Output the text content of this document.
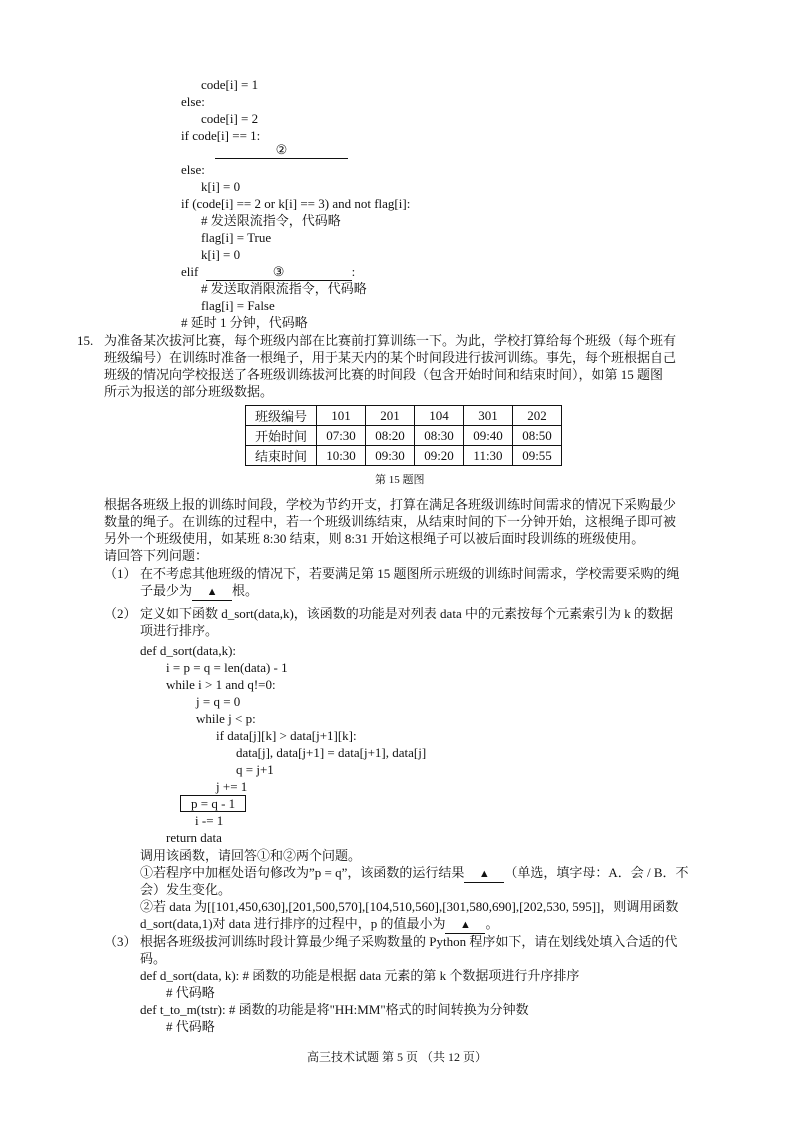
code[i] = 1
else:
code[i] = 2
if code[i] == 1:
②
else:
k[i] = 0
if (code[i] == 2 or k[i] == 3) and not flag[i]:
# 发送限流指令，代码略
flag[i] = True
k[i] = 0
elif	③	:
# 发送取消限流指令，代码略
flag[i] = False
# 延时 1 分钟，代码略
15. 为准备某次拔河比赛，每个班级内部在比赛前打算训练一下。为此，学校打算给每个班级（每个班有
班级编号）在训练时准备一根绳子，用于某天内的某个时间段进行拔河训练。事先，每个班根据自己
班级的情况向学校报送了各班级训练拔河比赛的时间段（包含开始时间和结束时间），如第 15 题图
所示为报送的部分班级数据。
班级编号	101	201	104	301	202
开始时间	07:30	08:20	08:30	09:40	08:50
结束时间	10:30	09:30	09:20	11:30	09:55
第 15 题图
根据各班级上报的训练时间段，学校为节约开支，打算在满足各班级训练时间需求的情况下采购最少
数量的绳子。在训练的过程中，若一个班级训练结束，从结束时间的下一分钟开始，这根绳子即可被
另外一个班级使用，如某班 8:30 结束，则 8:31 开始这根绳子可以被后面时段训练的班级使用。
请回答下列问题：
（1） 在不考虑其他班级的情况下，若要满足第 15 题图所示班级的训练时间需求，学校需要采购的绳
子最少为 ▲ 根。
（2） 定义如下函数 d_sort(data,k)，该函数的功能是对列表 data 中的元素按每个元素索引为 k 的数据
项进行排序。
def d_sort(data,k):
i = p = q = len(data) - 1
while i > 1 and q!=0:
j = q = 0
while j < p:
if data[j][k] > data[j+1][k]:
data[j], data[j+1] = data[j+1], data[j]
q = j+1
j += 1
p = q - 1
i -= 1
return data
调用该函数，请回答①和②两个问题。
①若程序中加框处语句修改为”p = q”，该函数的运行结果 ▲ （单选，填字母：A．会 / B．不
会）发生变化。
②若 data 为[[101,450,630],[201,500,570],[104,510,560],[301,580,690],[202,530, 595]]，则调用函数
d_sort(data,1)对 data 进行排序的过程中，p 的值最小为 ▲ 。
（3） 根据各班级拔河训练时段计算最少绳子采购数量的 Python 程序如下，请在划线处填入合适的代
码。
def d_sort(data, k): # 函数的功能是根据 data 元素的第 k 个数据项进行升序排序
# 代码略
def t_to_m(tstr): # 函数的功能是将"HH:MM"格式的时间转换为分钟数
# 代码略
高三技术试题 第 5 页 （共 12 页）
